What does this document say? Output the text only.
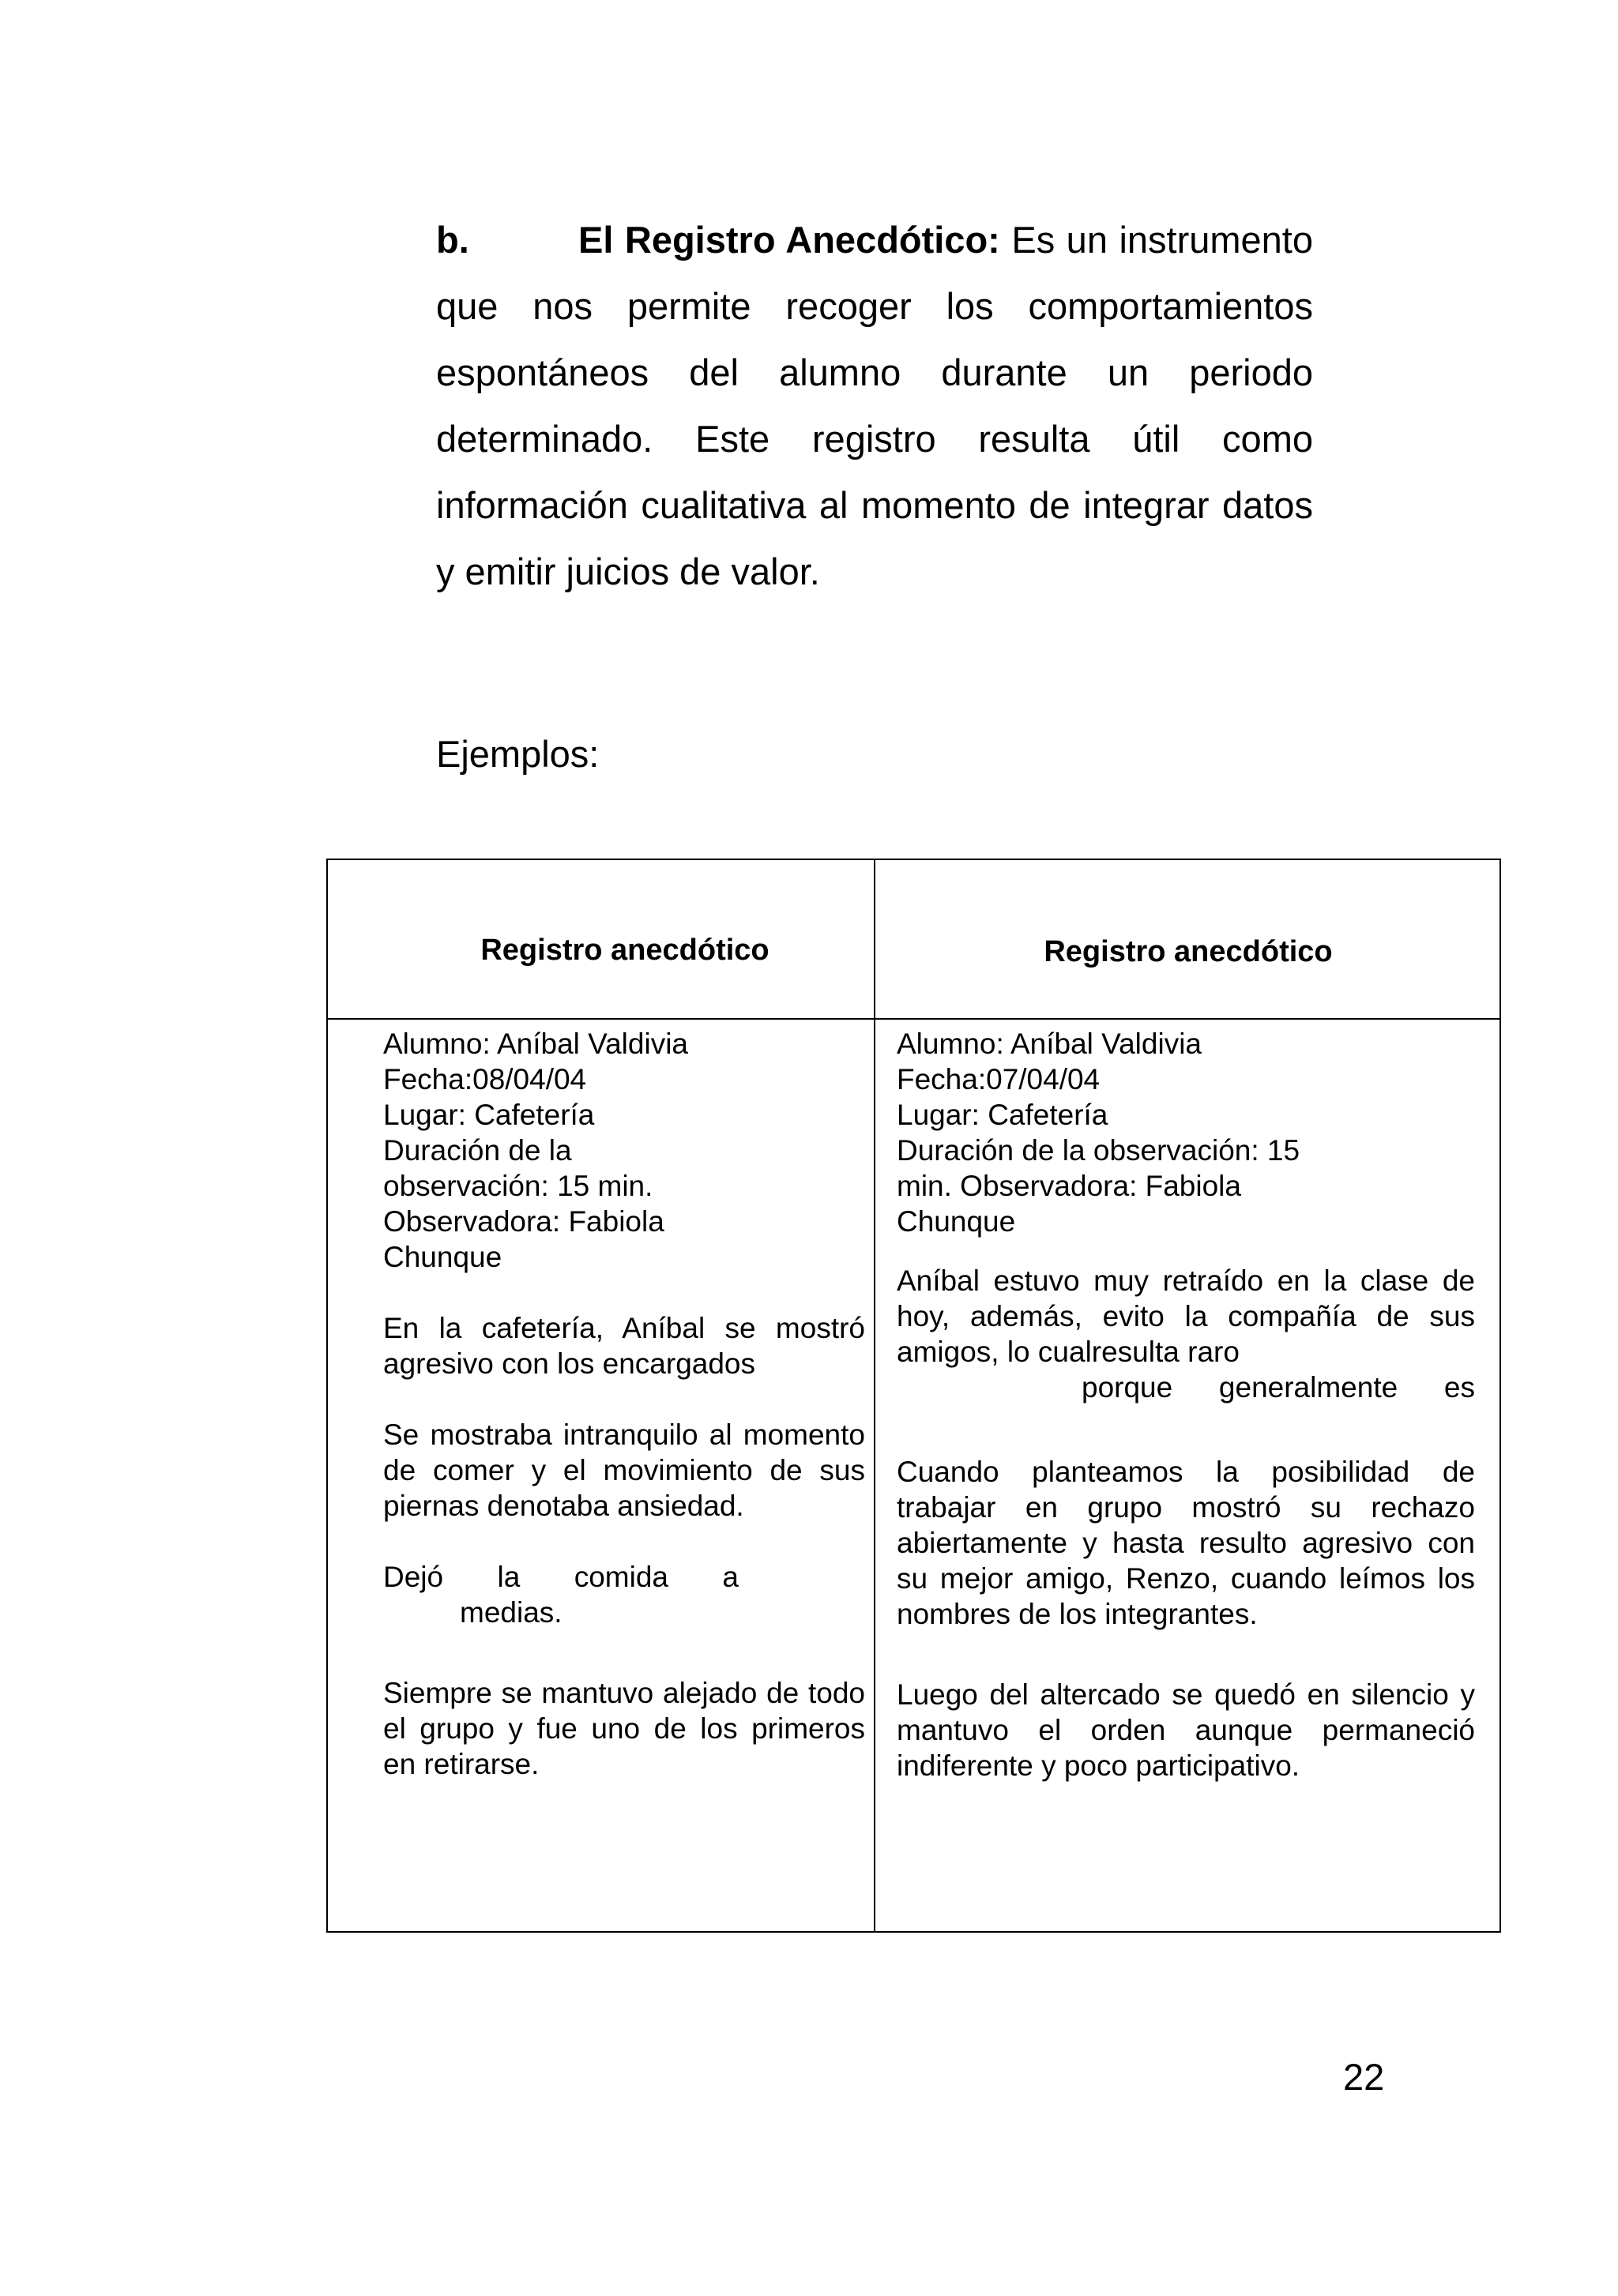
b.	El Registro Anecdótico: Es un instrumento que nos permite recoger los comportamientos espontáneos del alumno durante un periodo determinado. Este registro resulta útil como información cualitativa al momento de integrar datos y emitir juicios de valor.

Ejemplos:

Registro anecdótico	Registro anecdótico

Alumno: Aníbal Valdivia

Fecha:08/04/04

Lugar: Cafetería

Duración de la

observación: 15 min.

Observadora: Fabiola

Chunque

En la cafetería, Aníbal se mostró agresivo con los encargados

Se mostraba intranquilo al momento de comer y el movimiento de sus piernas denotaba ansiedad.

Dejó la comida a

medias.

Siempre se mantuvo alejado de todo el grupo y fue uno de los primeros en retirarse.

Alumno: Aníbal Valdivia

Fecha:07/04/04

Lugar: Cafetería

Duración de la observación: 15

min. Observadora: Fabiola

Chunque

Aníbal estuvo muy retraído en la clase de hoy, además, evito la compañía de sus amigos, lo cualresulta raro

porque generalmente es

Cuando planteamos la posibilidad de trabajar en grupo mostró su rechazo abiertamente y hasta resulto agresivo con su mejor amigo, Renzo, cuando leímos los nombres de los integrantes.

Luego del altercado se quedó en silencio y mantuvo el orden aunque permaneció indiferente y poco participativo.

22
